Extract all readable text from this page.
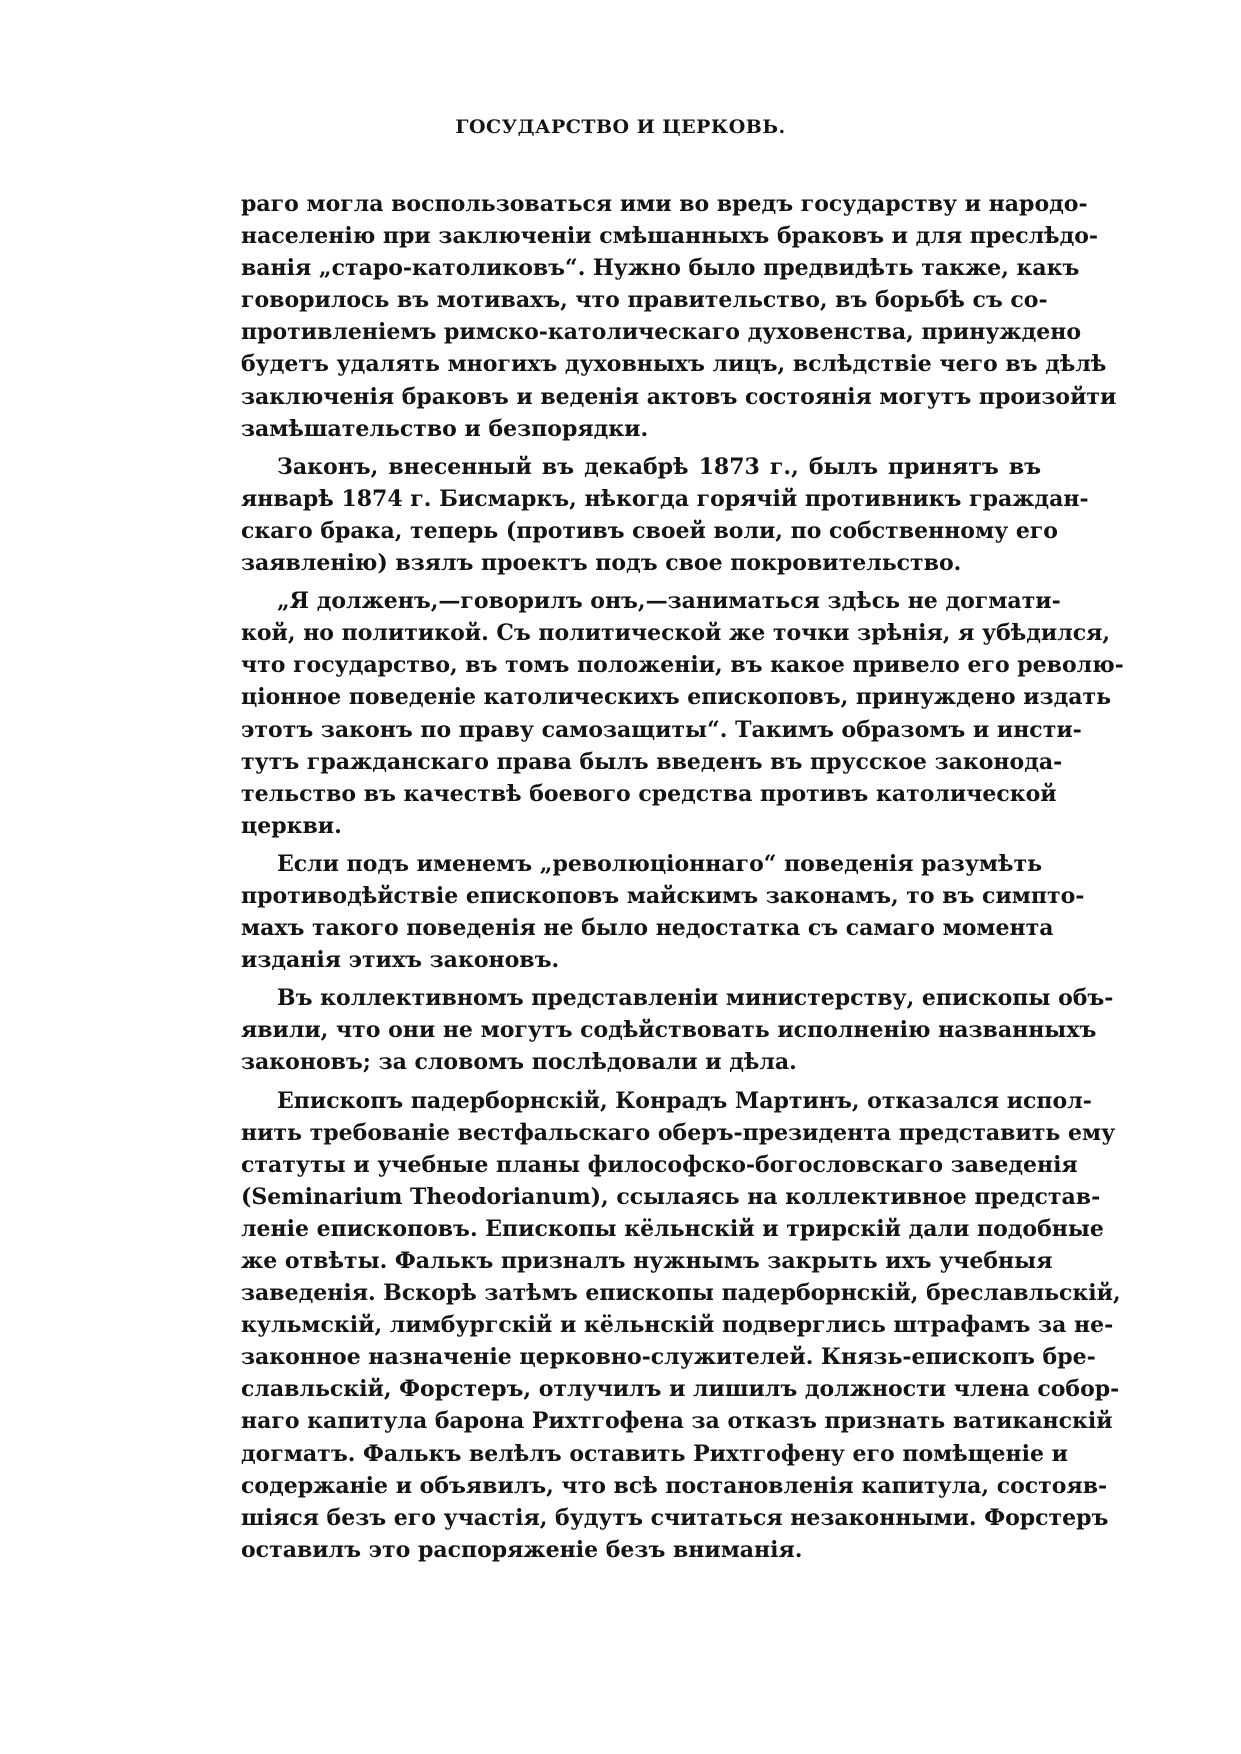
ГОСУДАРСТВО И ЦЕРКОВЬ.
раго могла воспользоваться ими во вредъ государству и народо-
населенію при заключеніи смѣшанныхъ браковъ и для преслѣдо-
ванія „старо-католиковъ“. Нужно было предвидѣть также, какъ
говорилось въ мотивахъ, что правительство, въ борьбѣ съ со-
противленіемъ римско-католическаго духовенства, принуждено
будетъ удалять многихъ духовныхъ лицъ, вслѣдствіе чего въ дѣлѣ
заключенія браковъ и веденія актовъ состоянія могутъ произойти
замѣшательство и безпорядки.
Законъ, внесенный въ декабрѣ 1873 г., былъ принятъ въ
январѣ 1874 г. Бисмаркъ, нѣкогда горячій противникъ граждан-
скаго брака, теперь (противъ своей воли, по собственному его
заявленію) взялъ проектъ подъ свое покровительство.
„Я долженъ,—говорилъ онъ,—заниматься здѣсь не догмати-
кой, но политикой. Съ политической же точки зрѣнія, я убѣдился,
что государство, въ томъ положеніи, въ какое привело его револю-
ціонное поведеніе католическихъ епископовъ, принуждено издать
этотъ законъ по праву самозащиты“. Такимъ образомъ и инсти-
тутъ гражданскаго права былъ введенъ въ прусское законода-
тельство въ качествѣ боевого средства противъ католической
церкви.
Если подъ именемъ „революціоннаго“ поведенія разумѣть
противодѣйствіе епископовъ майскимъ законамъ, то въ симпто-
махъ такого поведенія не было недостатка съ самаго момента
изданія этихъ законовъ.
Въ коллективномъ представленіи министерству, епископы объ-
явили, что они не могутъ содѣйствовать исполненію названныхъ
законовъ; за словомъ послѣдовали и дѣла.
Епископъ падерборнскій, Конрадъ Мартинъ, отказался испол-
нить требованіе вестфальскаго оберъ-президента представить ему
статуты и учебные планы философско-богословскаго заведенія
(Seminarium Theodorianum), ссылаясь на коллективное представ-
леніе епископовъ. Епископы кёльнскій и трирскій дали подобные
же отвѣты. Фалькъ призналъ нужнымъ закрыть ихъ учебныя
заведенія. Вскорѣ затѣмъ епископы падерборнскій, бреславльскій,
кульмскій, лимбургскій и кёльнскій подверглись штрафамъ за не-
законное назначеніе церковно-служителей. Князь-епископъ бре-
славльскій, Форстеръ, отлучилъ и лишилъ должности члена собор-
наго капитула барона Рихтгофена за отказъ признать ватиканскій
догматъ. Фалькъ велѣлъ оставить Рихтгофену его помѣщеніе и
содержаніе и объявилъ, что всѣ постановленія капитула, состояв-
шіяся безъ его участія, будутъ считаться незаконными. Форстеръ
оставилъ это распоряженіе безъ вниманія.
